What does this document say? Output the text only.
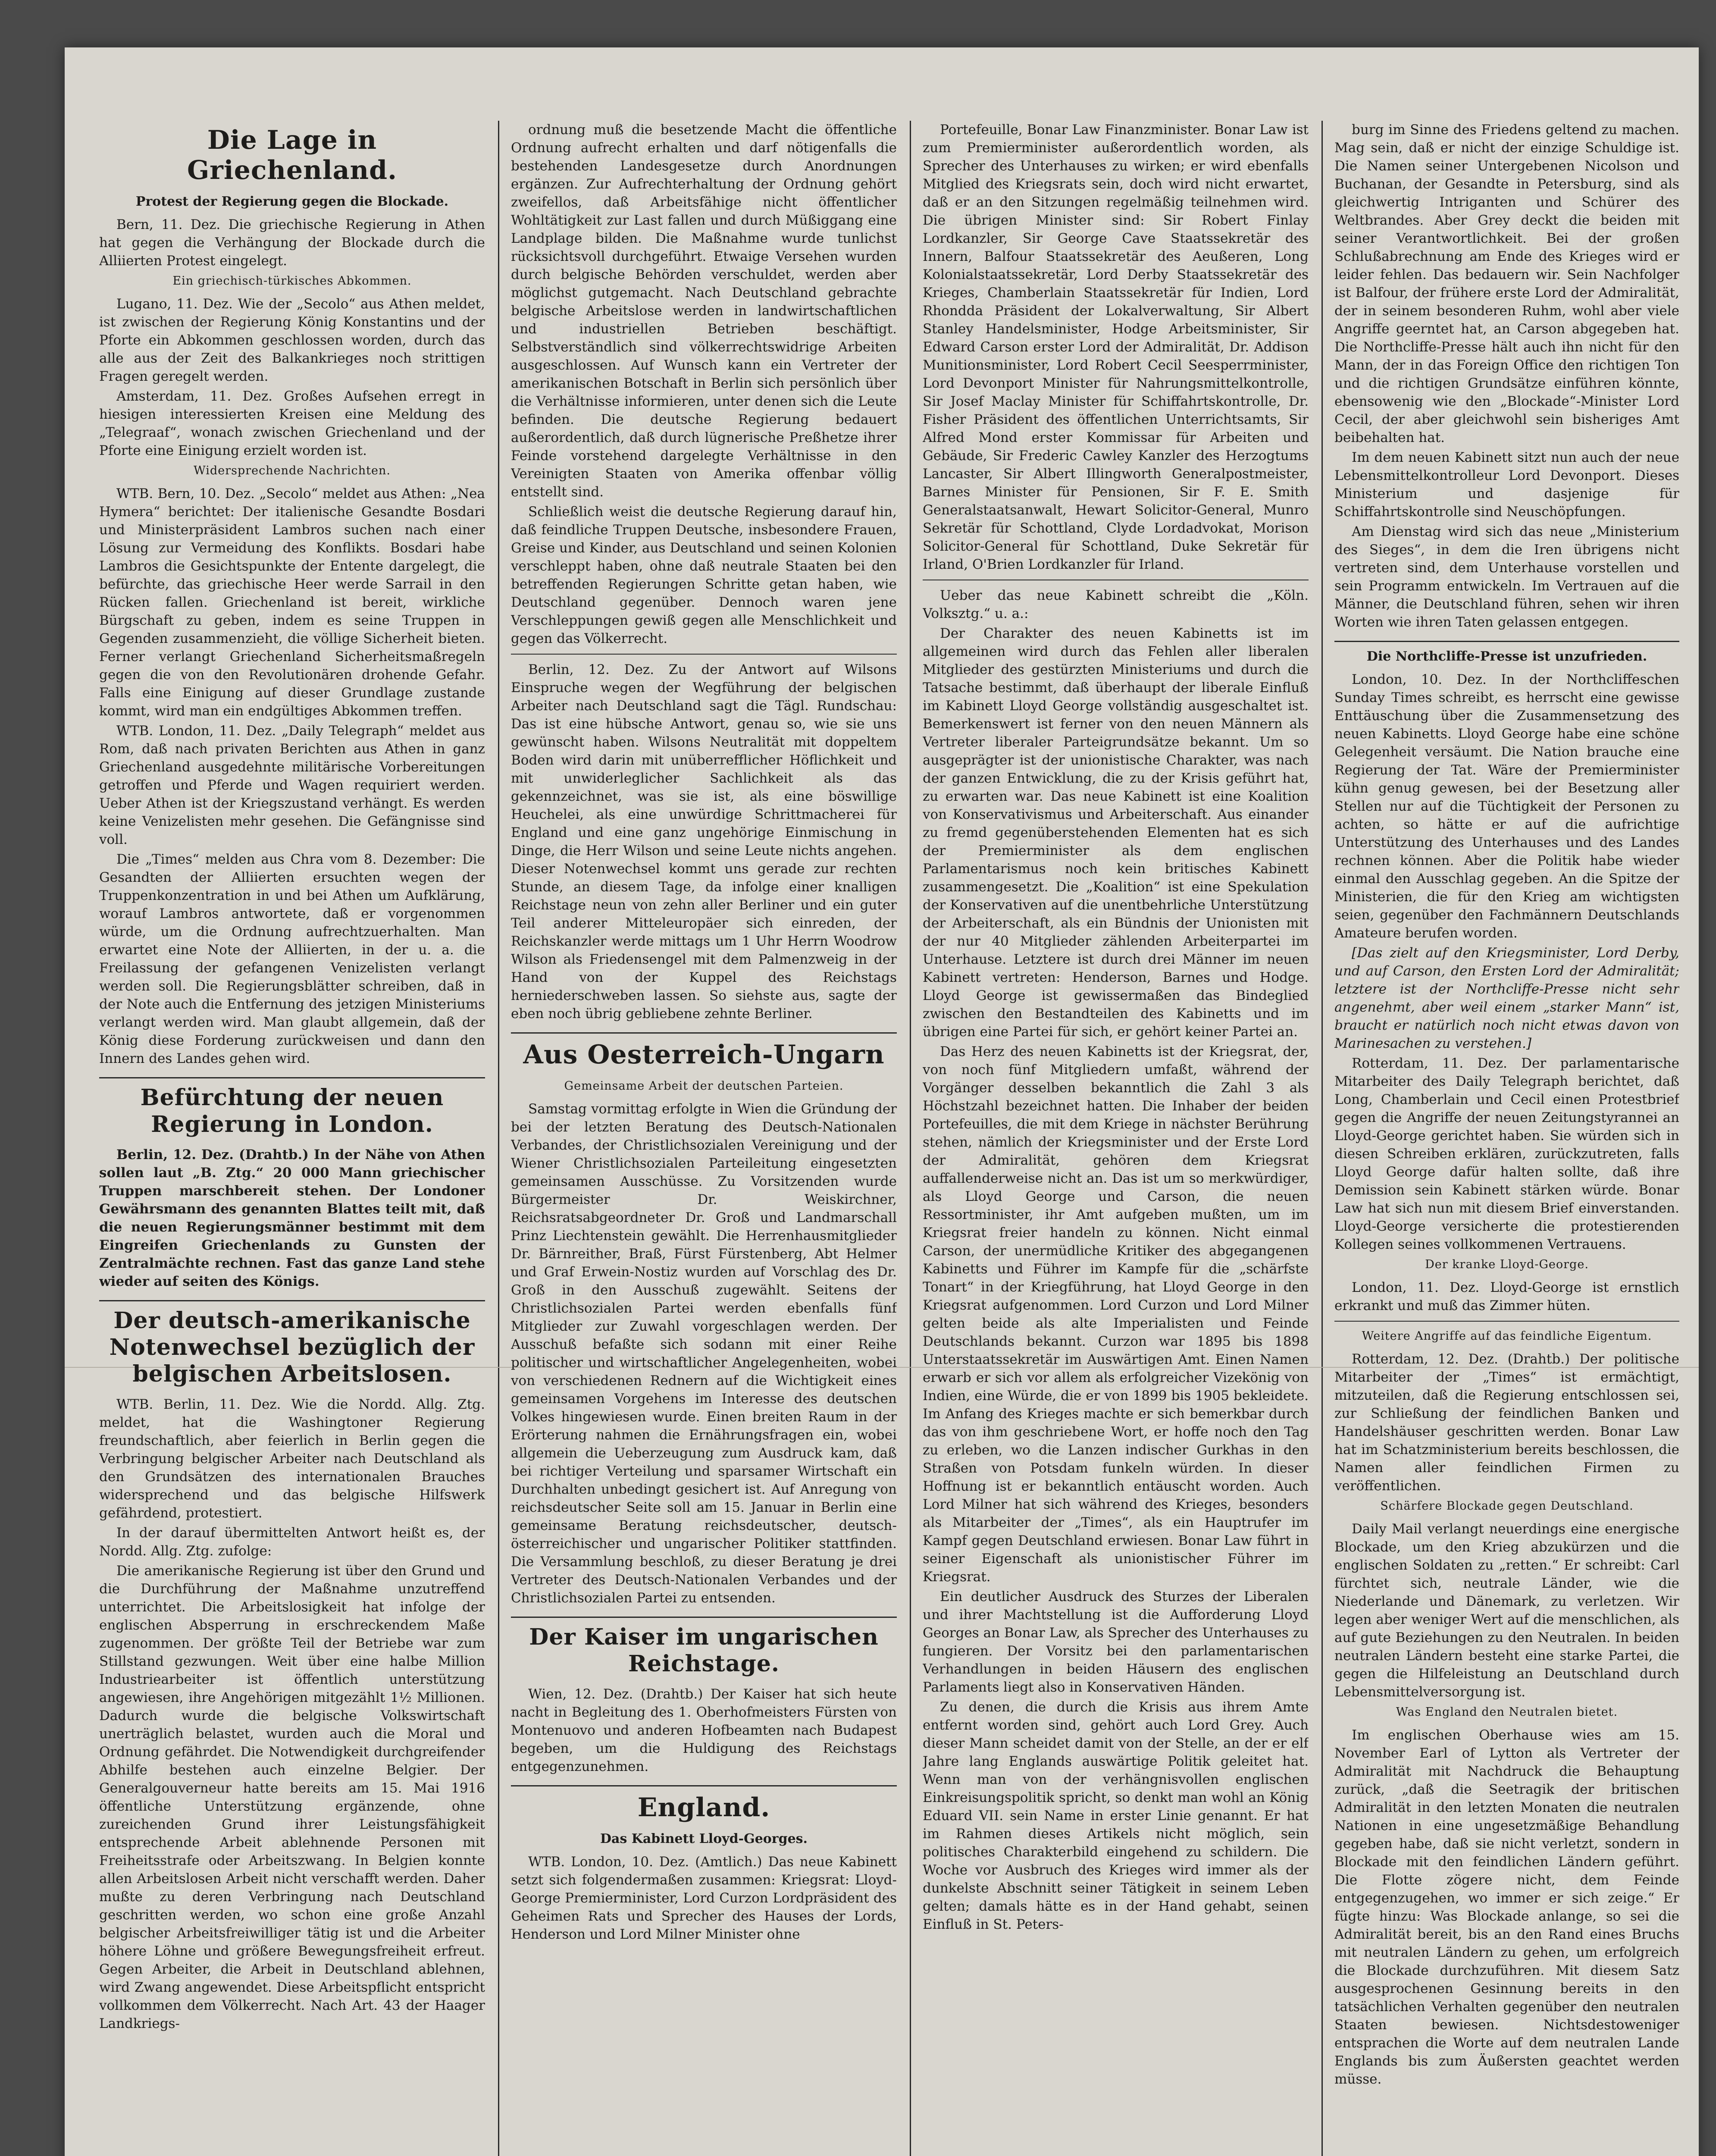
Die Lage in Griechenland.
Protest der Regierung gegen die Blockade.

Bern, 11. Dez. Die griechische Regierung in Athen hat gegen die Verhängung der Blockade durch die Alliierten Protest eingelegt.

Ein griechisch-türkisches Abkommen.

Lugano, 11. Dez. Wie der „Secolo“ aus Athen meldet, ist zwischen der Regierung König Konstantins und der Pforte ein Abkommen geschlossen worden, durch das alle aus der Zeit des Balkankrieges noch strittigen Fragen geregelt werden.

Amsterdam, 11. Dez. Großes Aufsehen erregt in hiesigen interessierten Kreisen eine Meldung des „Telegraaf“, wonach zwischen Griechenland und der Pforte eine Einigung erzielt worden ist.

Widersprechende Nachrichten.

WTB. Bern, 10. Dez. „Secolo“ meldet aus Athen: „Nea Hymera“ berichtet: Der italienische Gesandte Bosdari und Ministerpräsident Lambros suchen nach einer Lösung zur Vermeidung des Konflikts. Bosdari habe Lambros die Gesichtspunkte der Entente dargelegt, die befürchte, das griechische Heer werde Sarrail in den Rücken fallen. Griechenland ist bereit, wirkliche Bürgschaft zu geben, indem es seine Truppen in Gegenden zusammenzieht, die völlige Sicherheit bieten. Ferner verlangt Griechenland Sicherheitsmaßregeln gegen die von den Revolutionären drohende Gefahr. Falls eine Einigung auf dieser Grundlage zustande kommt, wird man ein endgültiges Abkommen treffen.

WTB. London, 11. Dez. „Daily Telegraph“ meldet aus Rom, daß nach privaten Berichten aus Athen in ganz Griechenland ausgedehnte militärische Vorbereitungen getroffen und Pferde und Wagen requiriert werden. Ueber Athen ist der Kriegszustand verhängt. Es werden keine Venizelisten mehr gesehen. Die Gefängnisse sind voll.

Die „Times“ melden aus Chra vom 8. Dezember: Die Gesandten der Alliierten ersuchten wegen der Truppenkonzentration in und bei Athen um Aufklärung, worauf Lambros antwortete, daß er vorgenommen würde, um die Ordnung aufrechtzuerhalten. Man erwartet eine Note der Alliierten, in der u. a. die Freilassung der gefangenen Venizelisten verlangt werden soll. Die Regierungsblätter schreiben, daß in der Note auch die Entfernung des jetzigen Ministeriums verlangt werden wird. Man glaubt allgemein, daß der König diese Forderung zurückweisen und dann den Innern des Landes gehen wird.

Befürchtung der neuen Regierung in London.

Berlin, 12. Dez. (Drahtb.) In der Nähe von Athen sollen laut „B. Ztg.“ 20 000 Mann griechischer Truppen marschbereit stehen. Der Londoner Gewährsmann des genannten Blattes teilt mit, daß die neuen Regierungsmänner bestimmt mit dem Eingreifen Griechenlands zu Gunsten der Zentralmächte rechnen. Fast das ganze Land stehe wieder auf seiten des Königs.

Der deutsch-amerikanische Notenwechsel bezüglich der belgischen Arbeitslosen.

WTB. Berlin, 11. Dez. Wie die Nordd. Allg. Ztg. meldet, hat die Washingtoner Regierung freundschaftlich, aber feierlich in Berlin gegen die Verbringung belgischer Arbeiter nach Deutschland als den Grundsätzen des internationalen Brauches widersprechend und das belgische Hilfswerk gefährdend, protestiert.

In der darauf übermittelten Antwort heißt es, der Nordd. Allg. Ztg. zufolge:

Die amerikanische Regierung ist über den Grund und die Durchführung der Maßnahme unzutreffend unterrichtet. Die Arbeitslosigkeit hat infolge der englischen Absperrung in erschreckendem Maße zugenommen. Der größte Teil der Betriebe war zum Stillstand gezwungen. Weit über eine halbe Million Industriearbeiter ist öffentlich unterstützung angewiesen, ihre Angehörigen mitgezählt 1½ Millionen. Dadurch wurde die belgische Volkswirtschaft unerträglich belastet, wurden auch die Moral und Ordnung gefährdet. Die Notwendigkeit durchgreifender Abhilfe bestehen auch einzelne Belgier. Der Generalgouverneur hatte bereits am 15. Mai 1916 öffentliche Unterstützung ergänzende, ohne zureichenden Grund ihrer Leistungsfähigkeit entsprechende Arbeit ablehnende Personen mit Freiheitsstrafe oder Arbeitszwang. In Belgien konnte allen Arbeitslosen Arbeit nicht verschafft werden. Daher mußte zu deren Verbringung nach Deutschland geschritten werden, wo schon eine große Anzahl belgischer Arbeitsfreiwilliger tätig ist und die Arbeiter höhere Löhne und größere Bewegungsfreiheit erfreut. Gegen Arbeiter, die Arbeit in Deutschland ablehnen, wird Zwang angewendet. Diese Arbeitspflicht entspricht vollkommen dem Völkerrecht. Nach Art. 43 der Haager Landkriegs-

ordnung muß die besetzende Macht die öffentliche Ordnung aufrecht erhalten und darf nötigenfalls die bestehenden Landesgesetze durch Anordnungen ergänzen. Zur Aufrechterhaltung der Ordnung gehört zweifellos, daß Arbeitsfähige nicht öffentlicher Wohltätigkeit zur Last fallen und durch Müßiggang eine Landplage bilden. Die Maßnahme wurde tunlichst rücksichtsvoll durchgeführt. Etwaige Versehen wurden durch belgische Behörden verschuldet, werden aber möglichst gutgemacht. Nach Deutschland gebrachte belgische Arbeitslose werden in landwirtschaftlichen und industriellen Betrieben beschäftigt. Selbstverständlich sind völkerrechtswidrige Arbeiten ausgeschlossen. Auf Wunsch kann ein Vertreter der amerikanischen Botschaft in Berlin sich persönlich über die Verhältnisse informieren, unter denen sich die Leute befinden. Die deutsche Regierung bedauert außerordentlich, daß durch lügnerische Preßhetze ihrer Feinde vorstehend dargelegte Verhältnisse in den Vereinigten Staaten von Amerika offenbar völlig entstellt sind.

Schließlich weist die deutsche Regierung darauf hin, daß feindliche Truppen Deutsche, insbesondere Frauen, Greise und Kinder, aus Deutschland und seinen Kolonien verschleppt haben, ohne daß neutrale Staaten bei den betreffenden Regierungen Schritte getan haben, wie Deutschland gegenüber. Dennoch waren jene Verschleppungen gewiß gegen alle Menschlichkeit und gegen das Völkerrecht.

Berlin, 12. Dez. Zu der Antwort auf Wilsons Einspruche wegen der Wegführung der belgischen Arbeiter nach Deutschland sagt die Tägl. Rundschau: Das ist eine hübsche Antwort, genau so, wie sie uns gewünscht haben. Wilsons Neutralität mit doppeltem Boden wird darin mit unüberrefflicher Höflichkeit und mit unwiderleglicher Sachlichkeit als das gekennzeichnet, was sie ist, als eine böswillige Heuchelei, als eine unwürdige Schrittmacherei für England und eine ganz ungehörige Einmischung in Dinge, die Herr Wilson und seine Leute nichts angehen. Dieser Notenwechsel kommt uns gerade zur rechten Stunde, an diesem Tage, da infolge einer knalligen Reichstage neun von zehn aller Berliner und ein guter Teil anderer Mitteleuropäer sich einreden, der Reichskanzler werde mittags um 1 Uhr Herrn Woodrow Wilson als Friedensengel mit dem Palmenzweig in der Hand von der Kuppel des Reichstags herniederschweben lassen. So siehste aus, sagte der eben noch übrig gebliebene zehnte Berliner.

Aus Oesterreich-Ungarn
Gemeinsame Arbeit der deutschen Parteien.

Samstag vormittag erfolgte in Wien die Gründung der bei der letzten Beratung des Deutsch-Nationalen Verbandes, der Christlichsozialen Vereinigung und der Wiener Christlichsozialen Parteileitung eingesetzten gemeinsamen Ausschüsse. Zu Vorsitzenden wurde Bürgermeister Dr. Weiskirchner, Reichsratsabgeordneter Dr. Groß und Landmarschall Prinz Liechtenstein gewählt. Die Herrenhausmitglieder Dr. Bärnreither, Braß, Fürst Fürstenberg, Abt Helmer und Graf Erwein-Nostiz wurden auf Vorschlag des Dr. Groß in den Ausschuß zugewählt. Seitens der Christlichsozialen Partei werden ebenfalls fünf Mitglieder zur Zuwahl vorgeschlagen werden. Der Ausschuß befaßte sich sodann mit einer Reihe politischer und wirtschaftlicher Angelegenheiten, wobei von verschiedenen Rednern auf die Wichtigkeit eines gemeinsamen Vorgehens im Interesse des deutschen Volkes hingewiesen wurde. Einen breiten Raum in der Erörterung nahmen die Ernährungsfragen ein, wobei allgemein die Ueberzeugung zum Ausdruck kam, daß bei richtiger Verteilung und sparsamer Wirtschaft ein Durchhalten unbedingt gesichert ist. Auf Anregung von reichsdeutscher Seite soll am 15. Januar in Berlin eine gemeinsame Beratung reichsdeutscher, deutsch-österreichischer und ungarischer Politiker stattfinden. Die Versammlung beschloß, zu dieser Beratung je drei Vertreter des Deutsch-Nationalen Verbandes und der Christlichsozialen Partei zu entsenden.

Der Kaiser im ungarischen Reichstage.

Wien, 12. Dez. (Drahtb.) Der Kaiser hat sich heute nacht in Begleitung des 1. Oberhofmeisters Fürsten von Montenuovo und anderen Hofbeamten nach Budapest begeben, um die Huldigung des Reichstags entgegenzunehmen.

England.
Das Kabinett Lloyd-Georges.

WTB. London, 10. Dez. (Amtlich.) Das neue Kabinett setzt sich folgendermaßen zusammen: Kriegsrat: Lloyd-George Premierminister, Lord Curzon Lordpräsident des Geheimen Rats und Sprecher des Hauses der Lords, Henderson und Lord Milner Minister ohne

Portefeuille, Bonar Law Finanzminister. Bonar Law ist zum Premierminister außerordentlich worden, als Sprecher des Unterhauses zu wirken; er wird ebenfalls Mitglied des Kriegsrats sein, doch wird nicht erwartet, daß er an den Sitzungen regelmäßig teilnehmen wird. Die übrigen Minister sind: Sir Robert Finlay Lordkanzler, Sir George Cave Staatssekretär des Innern, Balfour Staatssekretär des Aeußeren, Long Kolonialstaatssekretär, Lord Derby Staatssekretär des Krieges, Chamberlain Staatssekretär für Indien, Lord Rhondda Präsident der Lokalverwaltung, Sir Albert Stanley Handelsminister, Hodge Arbeitsminister, Sir Edward Carson erster Lord der Admiralität, Dr. Addison Munitionsminister, Lord Robert Cecil Seesperrminister, Lord Devonport Minister für Nahrungsmittelkontrolle, Sir Josef Maclay Minister für Schiffahrtskontrolle, Dr. Fisher Präsident des öffentlichen Unterrichtsamts, Sir Alfred Mond erster Kommissar für Arbeiten und Gebäude, Sir Frederic Cawley Kanzler des Herzogtums Lancaster, Sir Albert Illingworth Generalpostmeister, Barnes Minister für Pensionen, Sir F. E. Smith Generalstaatsanwalt, Hewart Solicitor-General, Munro Sekretär für Schottland, Clyde Lordadvokat, Morison Solicitor-General für Schottland, Duke Sekretär für Irland, O'Brien Lordkanzler für Irland.

Ueber das neue Kabinett schreibt die „Köln. Volksztg.“ u. a.:

Der Charakter des neuen Kabinetts ist im allgemeinen wird durch das Fehlen aller liberalen Mitglieder des gestürzten Ministeriums und durch die Tatsache bestimmt, daß überhaupt der liberale Einfluß im Kabinett Lloyd George vollständig ausgeschaltet ist. Bemerkenswert ist ferner von den neuen Männern als Vertreter liberaler Parteigrundsätze bekannt. Um so ausgeprägter ist der unionistische Charakter, was nach der ganzen Entwicklung, die zu der Krisis geführt hat, zu erwarten war. Das neue Kabinett ist eine Koalition von Konservativismus und Arbeiterschaft. Aus einander zu fremd gegenüberstehenden Elementen hat es sich der Premierminister als dem englischen Parlamentarismus noch kein britisches Kabinett zusammengesetzt. Die „Koalition“ ist eine Spekulation der Konservativen auf die unentbehrliche Unterstützung der Arbeiterschaft, als ein Bündnis der Unionisten mit der nur 40 Mitglieder zählenden Arbeiterpartei im Unterhause. Letztere ist durch drei Männer im neuen Kabinett vertreten: Henderson, Barnes und Hodge. Lloyd George ist gewissermaßen das Bindeglied zwischen den Bestandteilen des Kabinetts und im übrigen eine Partei für sich, er gehört keiner Partei an.

Das Herz des neuen Kabinetts ist der Kriegsrat, der, von noch fünf Mitgliedern umfaßt, während der Vorgänger desselben bekanntlich die Zahl 3 als Höchstzahl bezeichnet hatten. Die Inhaber der beiden Portefeuilles, die mit dem Kriege in nächster Berührung stehen, nämlich der Kriegsminister und der Erste Lord der Admiralität, gehören dem Kriegsrat auffallenderweise nicht an. Das ist um so merkwürdiger, als Lloyd George und Carson, die neuen Ressortminister, ihr Amt aufgeben mußten, um im Kriegsrat freier handeln zu können. Nicht einmal Carson, der unermüdliche Kritiker des abgegangenen Kabinetts und Führer im Kampfe für die „schärfste Tonart“ in der Kriegführung, hat Lloyd George in den Kriegsrat aufgenommen. Lord Curzon und Lord Milner gelten beide als alte Imperialisten und Feinde Deutschlands bekannt. Curzon war 1895 bis 1898 Unterstaatssekretär im Auswärtigen Amt. Einen Namen erwarb er sich vor allem als erfolgreicher Vizekönig von Indien, eine Würde, die er von 1899 bis 1905 bekleidete. Im Anfang des Krieges machte er sich bemerkbar durch das von ihm geschriebene Wort, er hoffe noch den Tag zu erleben, wo die Lanzen indischer Gurkhas in den Straßen von Potsdam funkeln würden. In dieser Hoffnung ist er bekanntlich entäuscht worden. Auch Lord Milner hat sich während des Krieges, besonders als Mitarbeiter der „Times“, als ein Hauptrufer im Kampf gegen Deutschland erwiesen. Bonar Law führt in seiner Eigenschaft als unionistischer Führer im Kriegsrat.

Ein deutlicher Ausdruck des Sturzes der Liberalen und ihrer Machtstellung ist die Aufforderung Lloyd Georges an Bonar Law, als Sprecher des Unterhauses zu fungieren. Der Vorsitz bei den parlamentarischen Verhandlungen in beiden Häusern des englischen Parlaments liegt also in Konservativen Händen.

Zu denen, die durch die Krisis aus ihrem Amte entfernt worden sind, gehört auch Lord Grey. Auch dieser Mann scheidet damit von der Stelle, an der er elf Jahre lang Englands auswärtige Politik geleitet hat. Wenn man von der verhängnisvollen englischen Einkreisungspolitik spricht, so denkt man wohl an König Eduard VII. sein Name in erster Linie genannt. Er hat im Rahmen dieses Artikels nicht möglich, sein politisches Charakterbild eingehend zu schildern. Die Woche vor Ausbruch des Krieges wird immer als der dunkelste Abschnitt seiner Tätigkeit in seinem Leben gelten; damals hätte es in der Hand gehabt, seinen Einfluß in St. Peters-

burg im Sinne des Friedens geltend zu machen. Mag sein, daß er nicht der einzige Schuldige ist. Die Namen seiner Untergebenen Nicolson und Buchanan, der Gesandte in Petersburg, sind als gleichwertig Intriganten und Schürer des Weltbrandes. Aber Grey deckt die beiden mit seiner Verantwortlichkeit. Bei der großen Schlußabrechnung am Ende des Krieges wird er leider fehlen. Das bedauern wir. Sein Nachfolger ist Balfour, der frühere erste Lord der Admiralität, der in seinem besonderen Ruhm, wohl aber viele Angriffe geerntet hat, an Carson abgegeben hat. Die Northcliffe-Presse hält auch ihn nicht für den Mann, der in das Foreign Office den richtigen Ton und die richtigen Grundsätze einführen könnte, ebensowenig wie den „Blockade“-Minister Lord Cecil, der aber gleichwohl sein bisheriges Amt beibehalten hat.

Im dem neuen Kabinett sitzt nun auch der neue Lebensmittelkontrolleur Lord Devonport. Dieses Ministerium und dasjenige für Schiffahrtskontrolle sind Neuschöpfungen.

Am Dienstag wird sich das neue „Ministerium des Sieges“, in dem die Iren übrigens nicht vertreten sind, dem Unterhause vorstellen und sein Programm entwickeln. Im Vertrauen auf die Männer, die Deutschland führen, sehen wir ihren Worten wie ihren Taten gelassen entgegen.

Die Northcliffe-Presse ist unzufrieden.

London, 10. Dez. In der Northcliffeschen Sunday Times schreibt, es herrscht eine gewisse Enttäuschung über die Zusammensetzung des neuen Kabinetts. Lloyd George habe eine schöne Gelegenheit versäumt. Die Nation brauche eine Regierung der Tat. Wäre der Premierminister kühn genug gewesen, bei der Besetzung aller Stellen nur auf die Tüchtigkeit der Personen zu achten, so hätte er auf die aufrichtige Unterstützung des Unterhauses und des Landes rechnen können. Aber die Politik habe wieder einmal den Ausschlag gegeben. An die Spitze der Ministerien, die für den Krieg am wichtigsten seien, gegenüber den Fachmännern Deutschlands Amateure berufen worden.

[Das zielt auf den Kriegsminister, Lord Derby, und auf Carson, den Ersten Lord der Admiralität; letztere ist der Northcliffe-Presse nicht sehr angenehmt, aber weil einem „starker Mann“ ist, braucht er natürlich noch nicht etwas davon von Marinesachen zu verstehen.]

Rotterdam, 11. Dez. Der parlamentarische Mitarbeiter des Daily Telegraph berichtet, daß Long, Chamberlain und Cecil einen Protestbrief gegen die Angriffe der neuen Zeitungstyrannei an Lloyd-George gerichtet haben. Sie würden sich in diesen Schreiben erklären, zurückzutreten, falls Lloyd George dafür halten sollte, daß ihre Demission sein Kabinett stärken würde. Bonar Law hat sich nun mit diesem Brief einverstanden. Lloyd-George versicherte die protestierenden Kollegen seines vollkommenen Vertrauens.

Der kranke Lloyd-George.

London, 11. Dez. Lloyd-George ist ernstlich erkrankt und muß das Zimmer hüten.

Weitere Angriffe auf das feindliche Eigentum.

Rotterdam, 12. Dez. (Drahtb.) Der politische Mitarbeiter der „Times“ ist ermächtigt, mitzuteilen, daß die Regierung entschlossen sei, zur Schließung der feindlichen Banken und Handelshäuser geschritten werden. Bonar Law hat im Schatzministerium bereits beschlossen, die Namen aller feindlichen Firmen zu veröffentlichen.

Schärfere Blockade gegen Deutschland.

Daily Mail verlangt neuerdings eine energische Blockade, um den Krieg abzukürzen und die englischen Soldaten zu „retten.“ Er schreibt: Carl fürchtet sich, neutrale Länder, wie die Niederlande und Dänemark, zu verletzen. Wir legen aber weniger Wert auf die menschlichen, als auf gute Beziehungen zu den Neutralen. In beiden neutralen Ländern besteht eine starke Partei, die gegen die Hilfeleistung an Deutschland durch Lebensmittelversorgung ist.

Was England den Neutralen bietet.

Im englischen Oberhause wies am 15. November Earl of Lytton als Vertreter der Admiralität mit Nachdruck die Behauptung zurück, „daß die Seetragik der britischen Admiralität in den letzten Monaten die neutralen Nationen in eine ungesetzmäßige Behandlung gegeben habe, daß sie nicht verletzt, sondern in Blockade mit den feindlichen Ländern geführt. Die Flotte zögere nicht, dem Feinde entgegenzugehen, wo immer er sich zeige.“ Er fügte hinzu: Was Blockade anlange, so sei die Admiralität bereit, bis an den Rand eines Bruchs mit neutralen Ländern zu gehen, um erfolgreich die Blockade durchzuführen. Mit diesem Satz ausgesprochenen Gesinnung bereits in den tatsächlichen Verhalten gegenüber den neutralen Staaten bewiesen. Nichtsdestoweniger entsprachen die Worte auf dem neutralen Lande Englands bis zum Äußersten geachtet werden müsse.
